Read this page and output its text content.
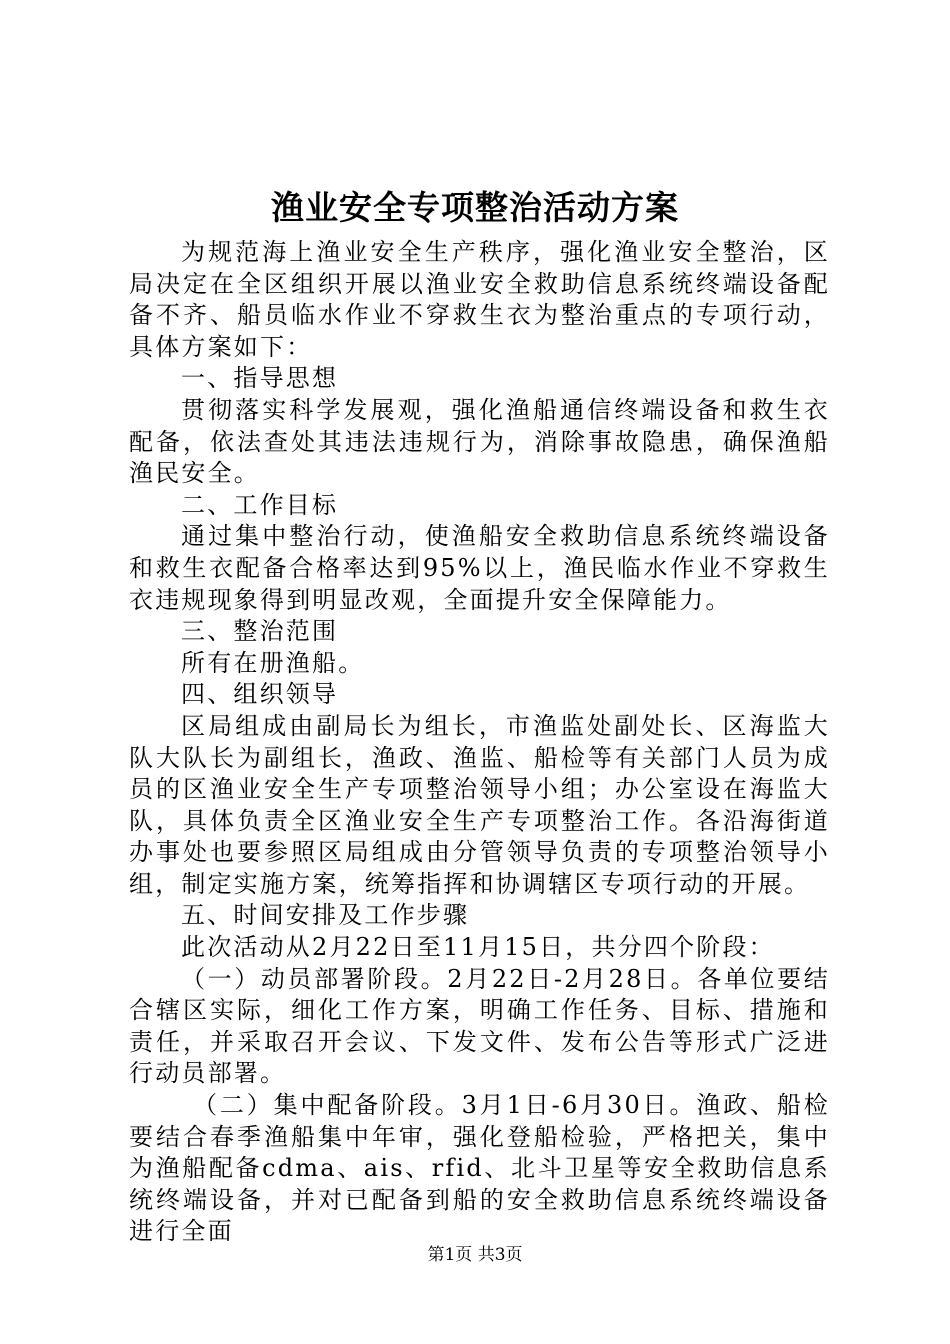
渔业安全专项整治活动方案

为规范海上渔业安全生产秩序，强化渔业安全整治，区局决定在全区组织开展以渔业安全救助信息系统终端设备配备不齐、船员临水作业不穿救生衣为整治重点的专项行动，具体方案如下：

一、指导思想

贯彻落实科学发展观，强化渔船通信终端设备和救生衣配备，依法查处其违法违规行为，消除事故隐患，确保渔船渔民安全。

二、工作目标

通过集中整治行动，使渔船安全救助信息系统终端设备和救生衣配备合格率达到95%以上，渔民临水作业不穿救生衣违规现象得到明显改观，全面提升安全保障能力。

三、整治范围

所有在册渔船。

四、组织领导

区局组成由副局长为组长，市渔监处副处长、区海监大队大队长为副组长，渔政、渔监、船检等有关部门人员为成员的区渔业安全生产专项整治领导小组；办公室设在海监大队，具体负责全区渔业安全生产专项整治工作。各沿海街道办事处也要参照区局组成由分管领导负责的专项整治领导小组，制定实施方案，统筹指挥和协调辖区专项行动的开展。

五、时间安排及工作步骤

此次活动从2月22日至11月15日，共分四个阶段：

（一）动员部署阶段。2月22日-2月28日。各单位要结合辖区实际，细化工作方案，明确工作任务、目标、措施和责任，并采取召开会议、下发文件、发布公告等形式广泛进行动员部署。

（二）集中配备阶段。3月1日-6月30日。渔政、船检要结合春季渔船集中年审，强化登船检验，严格把关，集中为渔船配备cdma、ais、rfid、北斗卫星等安全救助信息系统终端设备，并对已配备到船的安全救助信息系统终端设备进行全面

第1页 共3页
